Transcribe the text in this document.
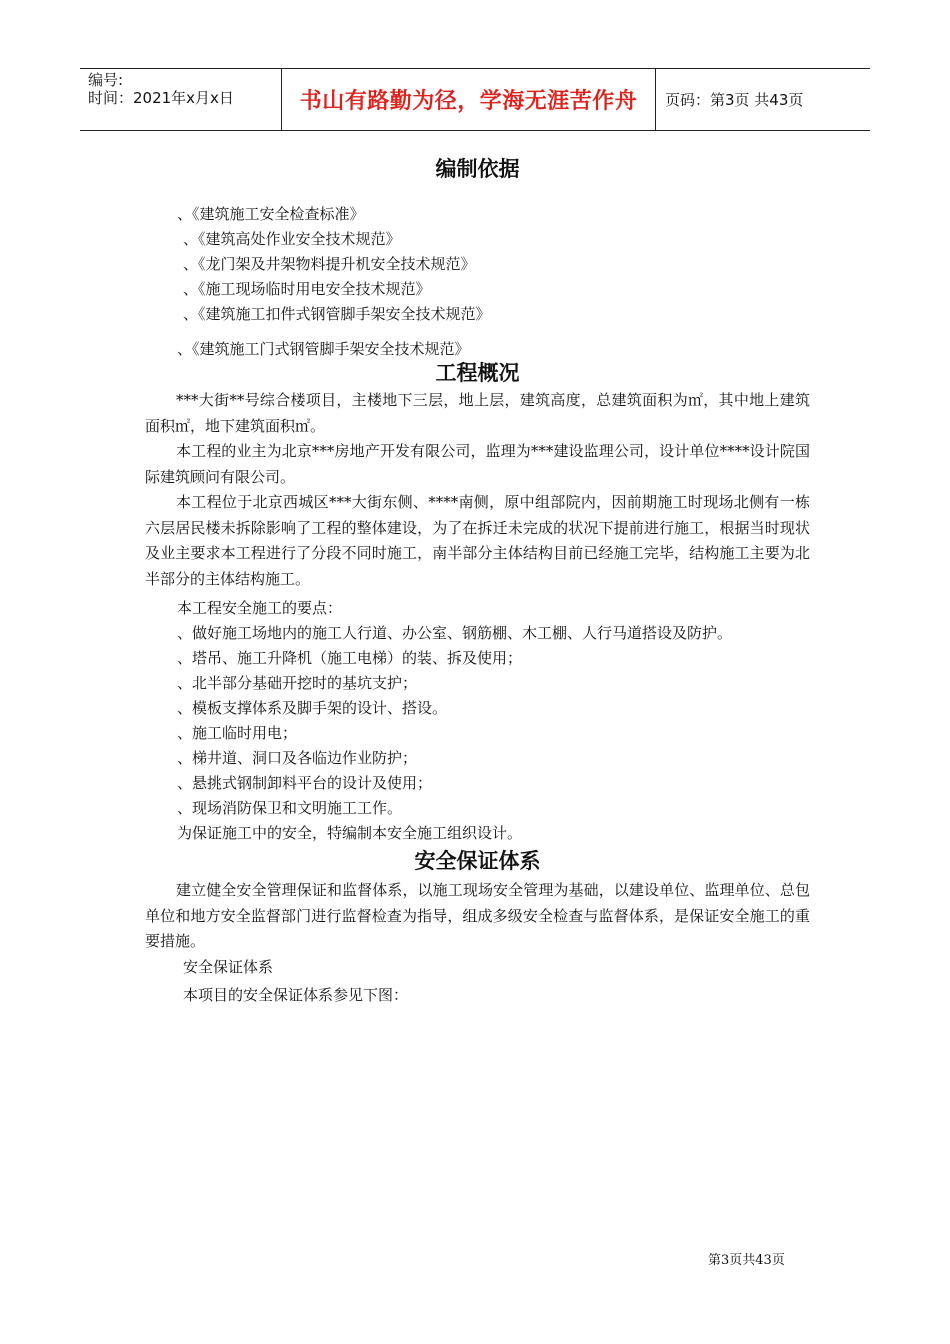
编号:
时间：2021年x月x日	书山有路勤为径，学海无涯苦作舟 页码：第3页 共43页
编制依据
、《建筑施工安全检查标准》
、《建筑高处作业安全技术规范》
、《龙门架及井架物料提升机安全技术规范》
、《施工现场临时用电安全技术规范》
、《建筑施工扣件式钢管脚手架安全技术规范》
、《建筑施工门式钢管脚手架安全技术规范》
工程概况

***大街**号综合楼项目，主楼地下三层，地上层，建筑高度，总建筑面积为㎡，其中地上建筑面积㎡，地下建筑面积㎡。

本工程的业主为北京***房地产开发有限公司，监理为***建设监理公司，设计单位****设计院国际建筑顾问有限公司。

本工程位于北京西城区***大街东侧、****南侧，原中组部院内，因前期施工时现场北侧有一栋六层居民楼未拆除影响了工程的整体建设，为了在拆迁未完成的状况下提前进行施工，根据当时现状及业主要求本工程进行了分段不同时施工，南半部分主体结构目前已经施工完毕，结构施工主要为北半部分的主体结构施工。

本工程安全施工的要点：
、做好施工场地内的施工人行道、办公室、钢筋棚、木工棚、人行马道搭设及防护。
、塔吊、施工升降机（施工电梯）的装、拆及使用；
、北半部分基础开挖时的基坑支护；
、模板支撑体系及脚手架的设计、搭设。
、施工临时用电；
、梯井道、洞口及各临边作业防护；
、悬挑式钢制卸料平台的设计及使用；
、现场消防保卫和文明施工工作。
为保证施工中的安全，特编制本安全施工组织设计。
安全保证体系

建立健全安全管理保证和监督体系，以施工现场安全管理为基础，以建设单位、监理单位、总包单位和地方安全监督部门进行监督检查为指导，组成多级安全检查与监督体系，是保证安全施工的重要措施。

安全保证体系
本项目的安全保证体系参见下图：
第3页共43页
